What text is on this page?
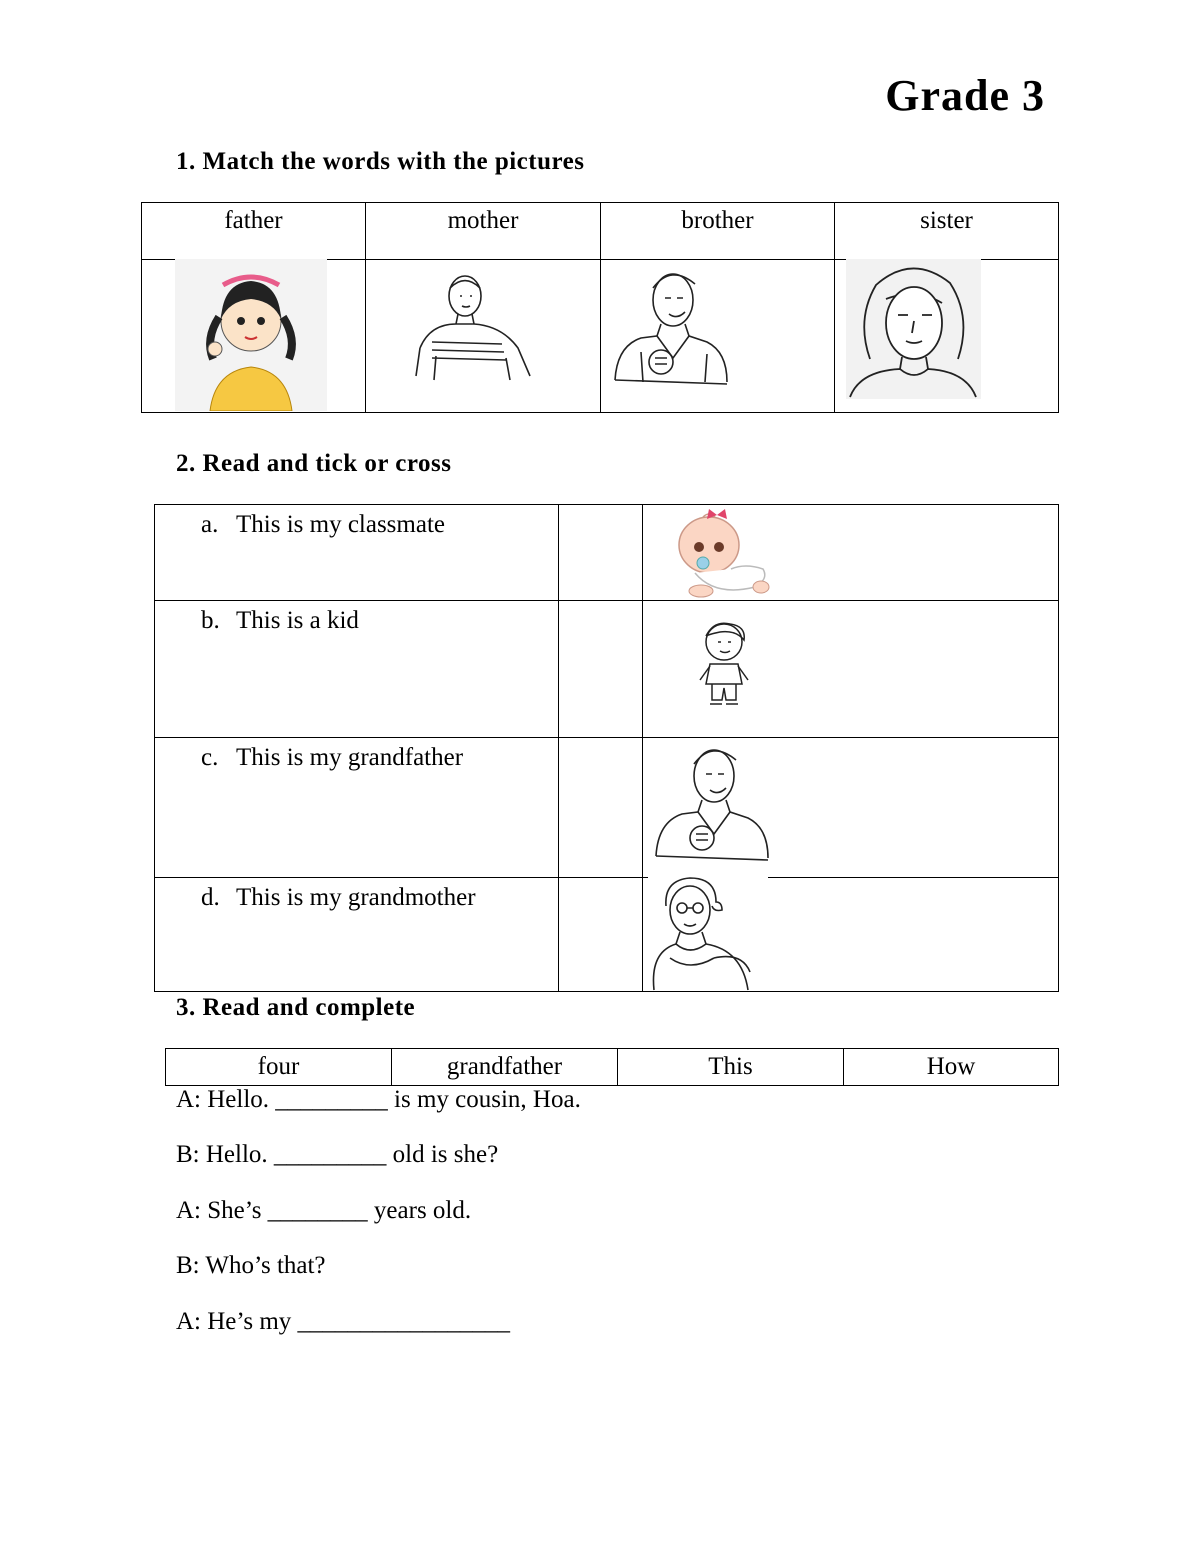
Grade 3
1. Match the words with the pictures
father	mother	brother	sister

2. Read and tick or cross
a. This is my classmate		
b. This is a kid		
c. This is my grandfather		
d. This is my grandmother		
3. Read and complete
four	grandfather	This	How
A: Hello. _________ is my cousin, Hoa.
B: Hello. _________ old is she?
A: She’s ________ years old.
B: Who’s that?
A: He’s my _________________
